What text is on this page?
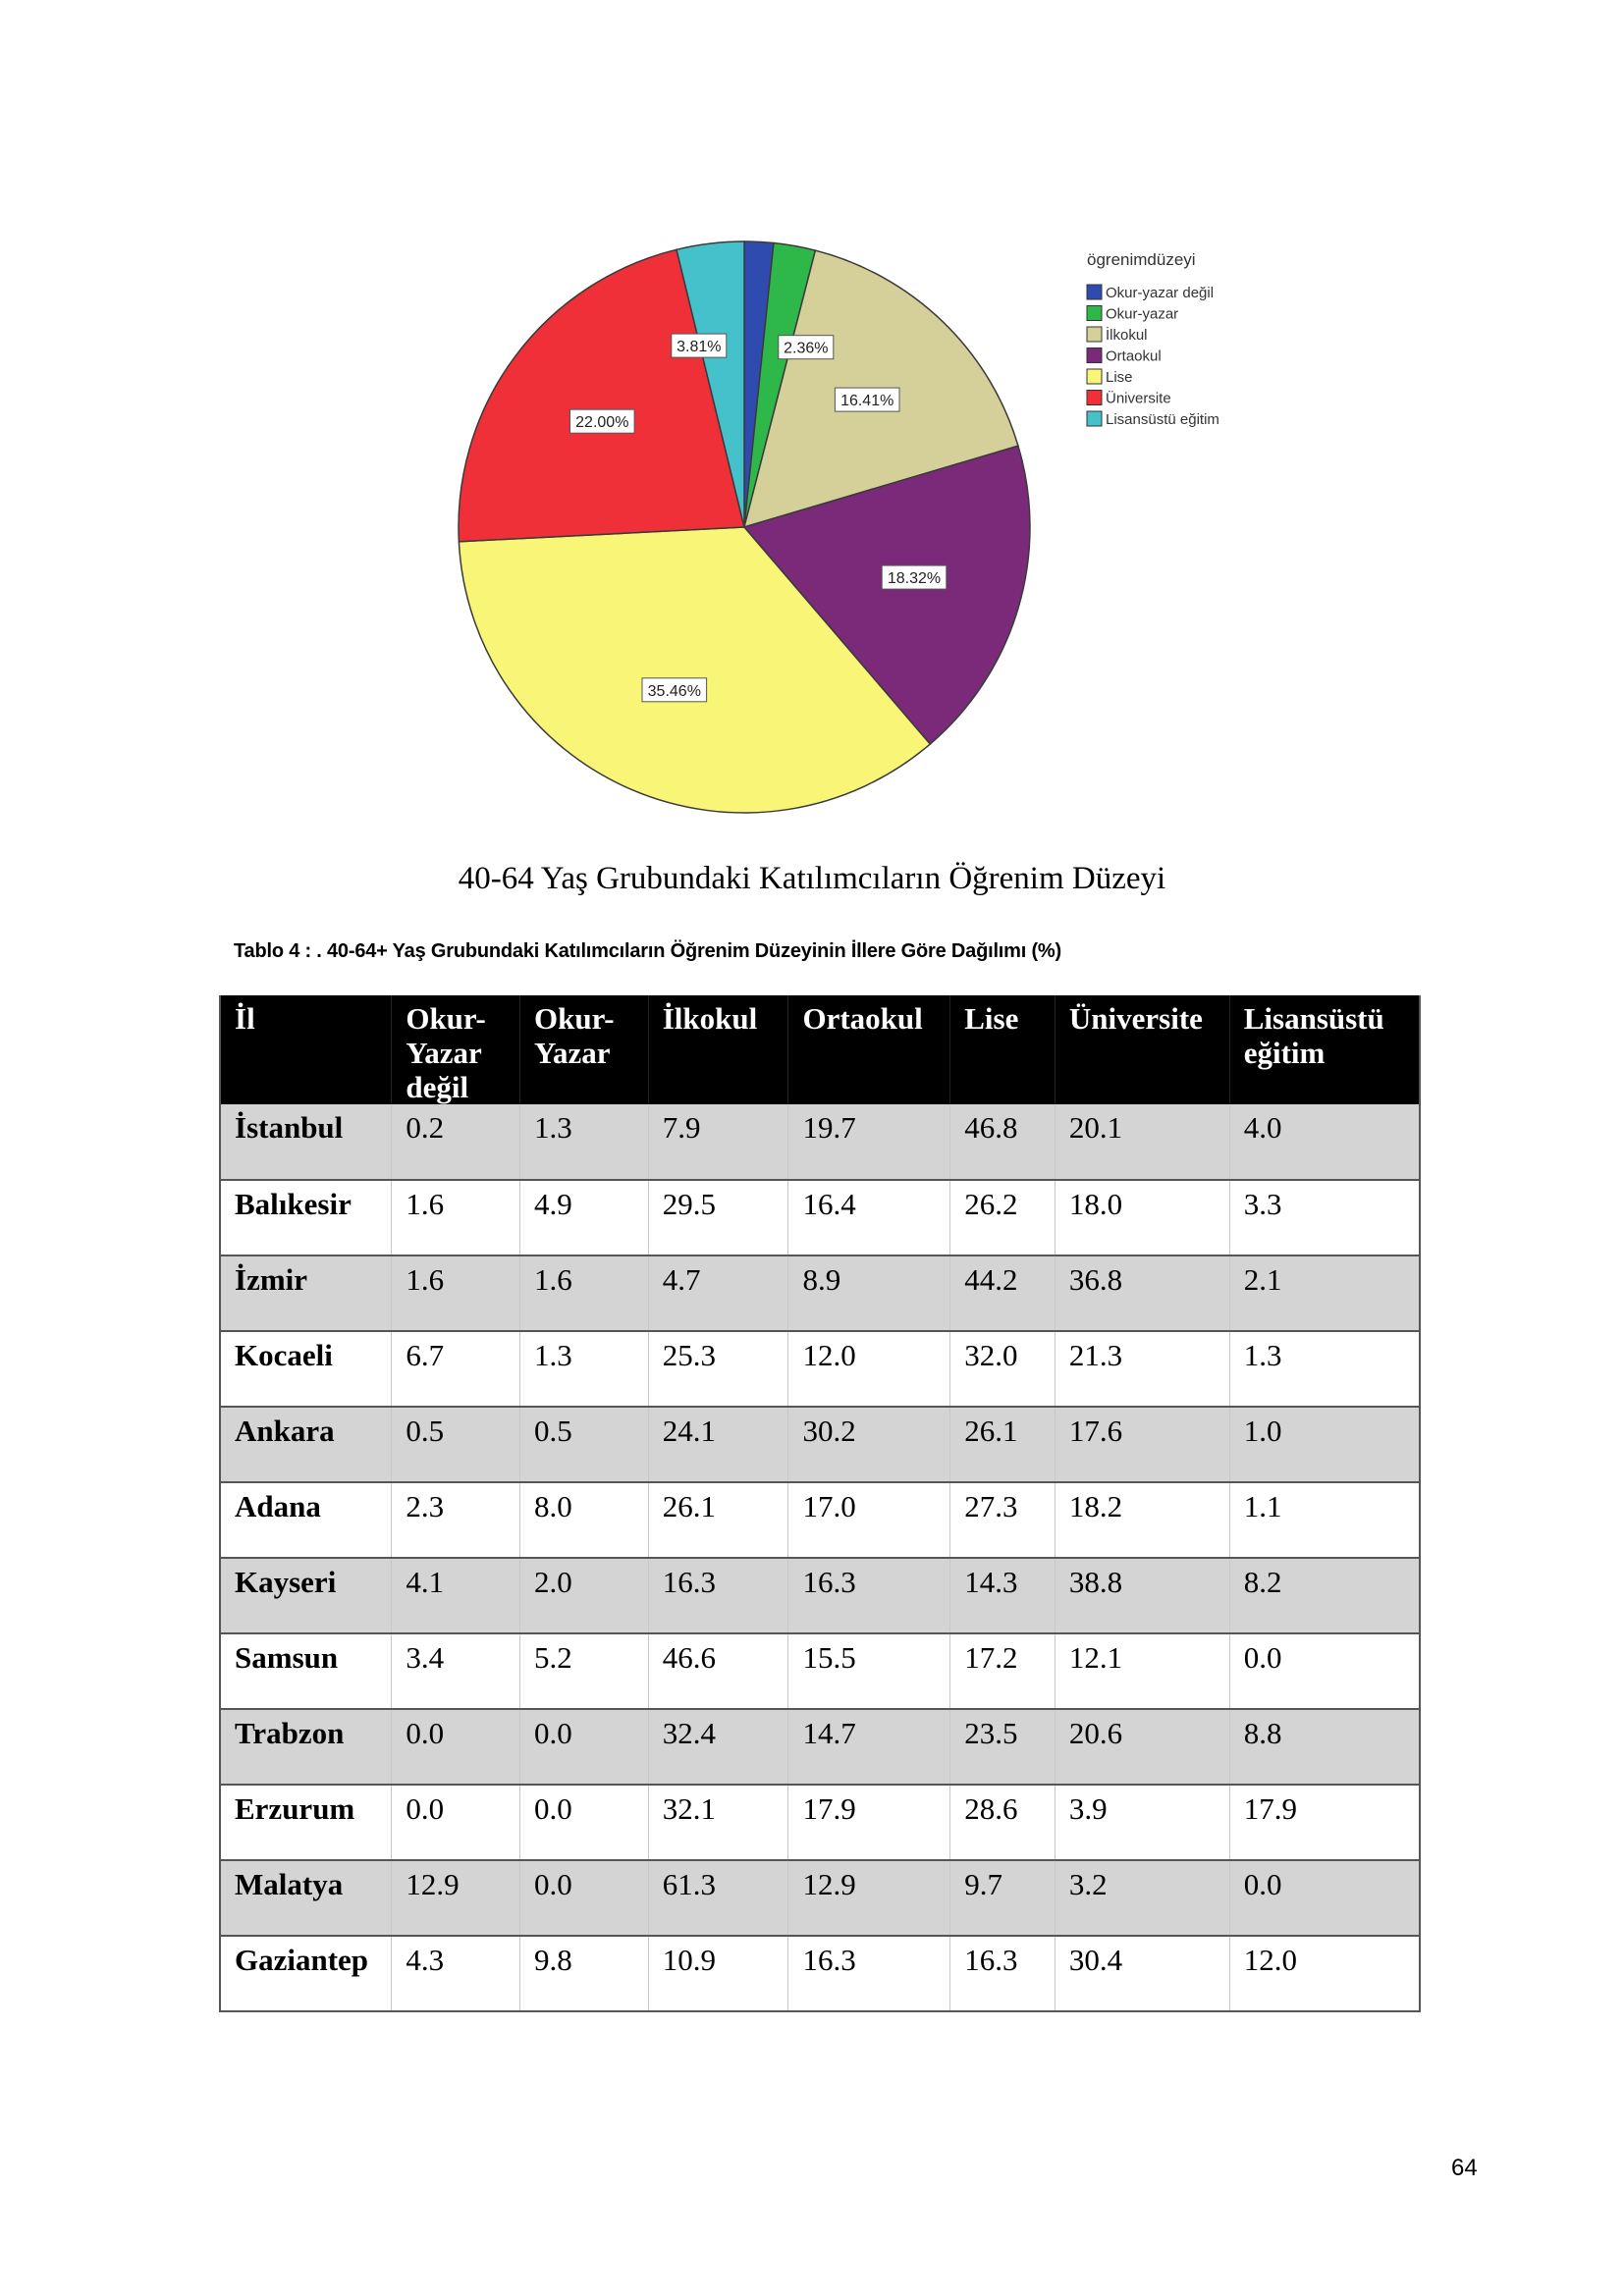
2.36%
16.41%
18.32%
35.46%
22.00%
3.81%
ögrenimdüzeyi
Okur-yazar değil
Okur-yazar
İlkokul
Ortaokul
Lise
Üniversite
Lisansüstü eğitim
40-64 Yaş Grubundaki Katılımcıların Öğrenim Düzeyi
Tablo 4 : . 40-64+ Yaş Grubundaki Katılımcıların Öğrenim Düzeyinin İllere Göre Dağılımı (%)
İl	Okur-Yazar değil	Okur-Yazar	İlkokul	Ortaokul	Lise	Üniversite	Lisansüstü eğitim
İstanbul	0.2	1.3	7.9	19.7	46.8	20.1	4.0
Balıkesir	1.6	4.9	29.5	16.4	26.2	18.0	3.3
İzmir	1.6	1.6	4.7	8.9	44.2	36.8	2.1
Kocaeli	6.7	1.3	25.3	12.0	32.0	21.3	1.3
Ankara	0.5	0.5	24.1	30.2	26.1	17.6	1.0
Adana	2.3	8.0	26.1	17.0	27.3	18.2	1.1
Kayseri	4.1	2.0	16.3	16.3	14.3	38.8	8.2
Samsun	3.4	5.2	46.6	15.5	17.2	12.1	0.0
Trabzon	0.0	0.0	32.4	14.7	23.5	20.6	8.8
Erzurum	0.0	0.0	32.1	17.9	28.6	3.9	17.9
Malatya	12.9	0.0	61.3	12.9	9.7	3.2	0.0
Gaziantep	4.3	9.8	10.9	16.3	16.3	30.4	12.0
64
